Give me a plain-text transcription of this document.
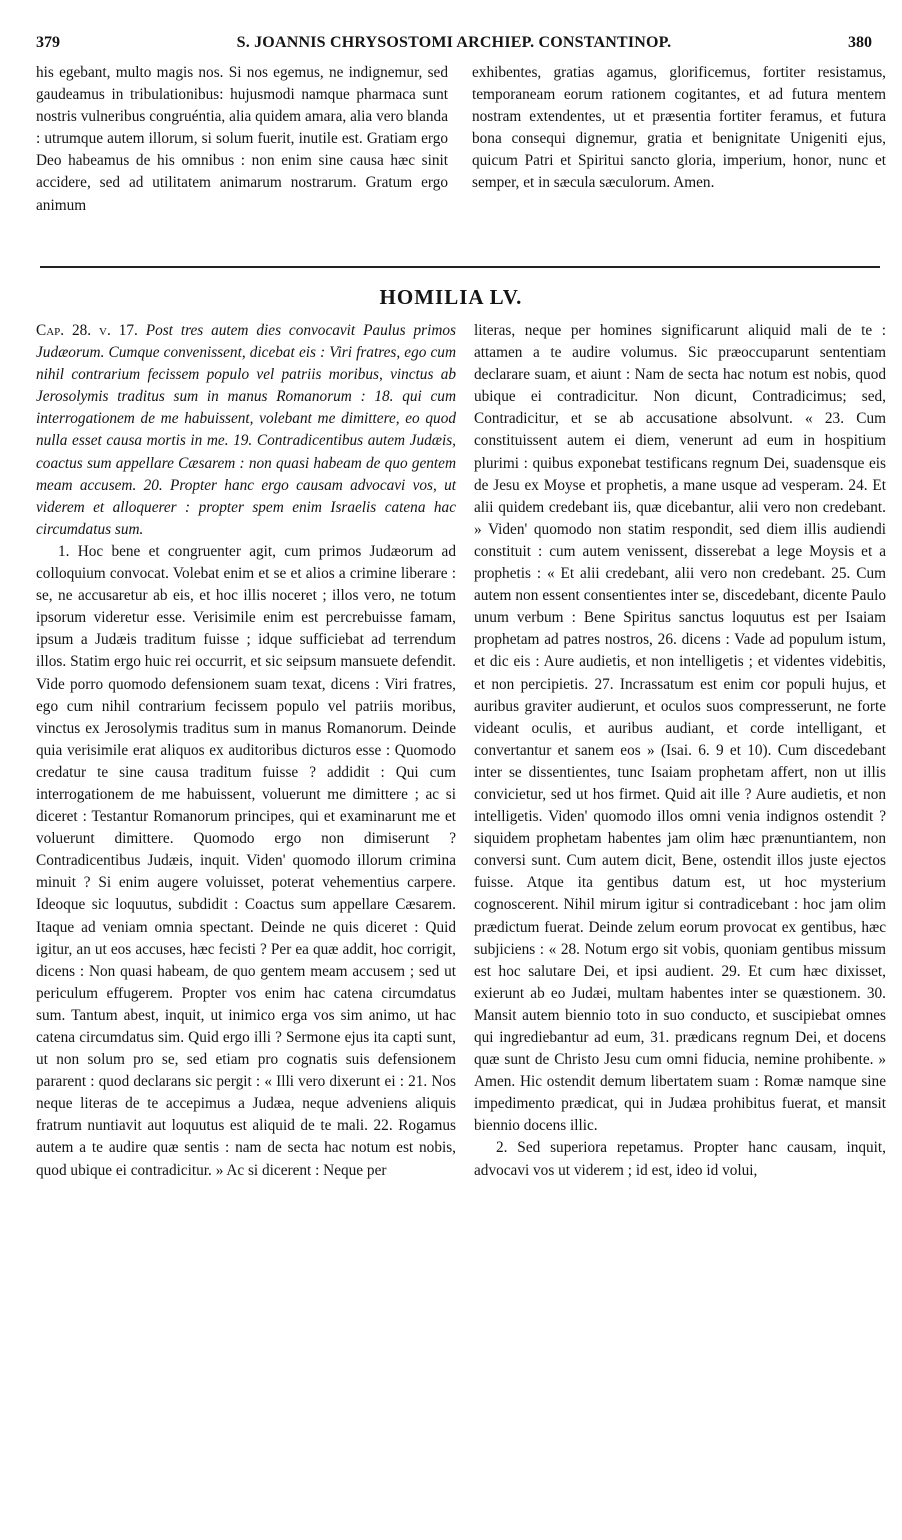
379	S. JOANNIS CHRYSOSTOMI ARCHIEP. CONSTANTINOP.	380

his egebant, multo magis nos. Si nos egemus, ne indignemur, sed gaudeamus in tribulationibus: hujusmodi namque pharmaca sunt nostris vulneribus congruéntia, alia quidem amara, alia vero blanda : utrumque autem illorum, si solum fuerit, inutile est. Gratiam ergo Deo habeamus de his omnibus : non enim sine causa hæc sinit accidere, sed ad utilitatem animarum nostrarum. Gratum ergo animum

exhibentes, gratias agamus, glorificemus, fortiter resistamus, temporaneam eorum rationem cogitantes, et ad futura mentem nostram extendentes, ut et præsentia fortiter feramus, et futura bona consequi dignemur, gratia et benignitate Unigeniti ejus, quicum Patri et Spiritui sancto gloria, imperium, honor, nunc et semper, et in sæcula sæculorum. Amen.

HOMILIA LV.

Cap. 28. v. 17. Post tres autem dies convocavit Paulus primos Judæorum. Cumque convenissent, dicebat eis : Viri fratres, ego cum nihil contrarium fecissem populo vel patriis moribus, vinctus ab Jerosolymis traditus sum in manus Romanorum : 18. qui cum interrogationem de me habuissent, volebant me dimittere, eo quod nulla esset causa mortis in me. 19. Contradicentibus autem Judæis, coactus sum appellare Cæsarem : non quasi habeam de quo gentem meam accusem. 20. Propter hanc ergo causam advocavi vos, ut viderem et alloquerer : propter spem enim Israelis catena hac circumdatus sum.

1. Hoc bene et congruenter agit, cum primos Judæorum ad colloquium convocat. Volebat enim et se et alios a crimine liberare : se, ne accusaretur ab eis, et hoc illis noceret ; illos vero, ne totum ipsorum videretur esse. Verisimile enim est percrebuisse famam, ipsum a Judæis traditum fuisse ; idque sufficiebat ad terrendum illos. Statim ergo huic rei occurrit, et sic seipsum mansuete defendit. Vide porro quomodo defensionem suam texat, dicens : Viri fratres, ego cum nihil contrarium fecissem populo vel patriis moribus, vinctus ex Jerosolymis traditus sum in manus Romanorum. Deinde quia verisimile erat aliquos ex auditoribus dicturos esse : Quomodo credatur te sine causa traditum fuisse ? addidit : Qui cum interrogationem de me habuissent, voluerunt me dimittere ; ac si diceret : Testantur Romanorum principes, qui et examinarunt me et voluerunt dimittere. Quomodo ergo non dimiserunt ? Contradicentibus Judæis, inquit. Viden' quomodo illorum crimina minuit ? Si enim augere voluisset, poterat vehementius carpere. Ideoque sic loquutus, subdidit : Coactus sum appellare Cæsarem. Itaque ad veniam omnia spectant. Deinde ne quis diceret : Quid igitur, an ut eos accuses, hæc fecisti ? Per ea quæ addit, hoc corrigit, dicens : Non quasi habeam, de quo gentem meam accusem ; sed ut periculum effugerem. Propter vos enim hac catena circumdatus sum. Tantum abest, inquit, ut inimico erga vos sim animo, ut hac catena circumdatus sim. Quid ergo illi ? Sermone ejus ita capti sunt, ut non solum pro se, sed etiam pro cognatis suis defensionem pararent : quod declarans sic pergit : « Illi vero dixerunt ei : 21. Nos neque literas de te accepimus a Judæa, neque adveniens aliquis fratrum nuntiavit aut loquutus est aliquid de te mali. 22. Rogamus autem a te audire quæ sentis : nam de secta hac notum est nobis, quod ubique ei contradicitur. » Ac si dicerent : Neque per

literas, neque per homines significarunt aliquid mali de te : attamen a te audire volumus. Sic præoccuparunt sententiam declarare suam, et aiunt : Nam de secta hac notum est nobis, quod ubique ei contradicitur. Non dicunt, Contradicimus; sed, Contradicitur, et se ab accusatione absolvunt. « 23. Cum constituissent autem ei diem, venerunt ad eum in hospitium plurimi : quibus exponebat testificans regnum Dei, suadensque eis de Jesu ex Moyse et prophetis, a mane usque ad vesperam. 24. Et alii quidem credebant iis, quæ dicebantur, alii vero non credebant. » Viden' quomodo non statim respondit, sed diem illis audiendi constituit : cum autem venissent, disserebat a lege Moysis et a prophetis : « Et alii credebant, alii vero non credebant. 25. Cum autem non essent consentientes inter se, discedebant, dicente Paulo unum verbum : Bene Spiritus sanctus loquutus est per Isaiam prophetam ad patres nostros, 26. dicens : Vade ad populum istum, et dic eis : Aure audietis, et non intelligetis ; et videntes videbitis, et non percipietis. 27. Incrassatum est enim cor populi hujus, et auribus graviter audierunt, et oculos suos compresserunt, ne forte videant oculis, et auribus audiant, et corde intelligant, et convertantur et sanem eos » (Isai. 6. 9 et 10). Cum discedebant inter se dissentientes, tunc Isaiam prophetam affert, non ut illis convicietur, sed ut hos firmet. Quid ait ille ? Aure audietis, et non intelligetis. Viden' quomodo illos omni venia indignos ostendit ? siquidem prophetam habentes jam olim hæc prænuntiantem, non conversi sunt. Cum autem dicit, Bene, ostendit illos juste ejectos fuisse. Atque ita gentibus datum est, ut hoc mysterium cognoscerent. Nihil mirum igitur si contradicebant : hoc jam olim prædictum fuerat. Deinde zelum eorum provocat ex gentibus, hæc subjiciens : « 28. Notum ergo sit vobis, quoniam gentibus missum est hoc salutare Dei, et ipsi audient. 29. Et cum hæc dixisset, exierunt ab eo Judæi, multam habentes inter se quæstionem. 30. Mansit autem biennio toto in suo conducto, et suscipiebat omnes qui ingrediebantur ad eum, 31. prædicans regnum Dei, et docens quæ sunt de Christo Jesu cum omni fiducia, nemine prohibente. » Amen. Hic ostendit demum libertatem suam : Romæ namque sine impedimento prædicat, qui in Judæa prohibitus fuerat, et mansit biennio docens illic.

2. Sed superiora repetamus. Propter hanc causam, inquit, advocavi vos ut viderem ; id est, ideo id volui,
